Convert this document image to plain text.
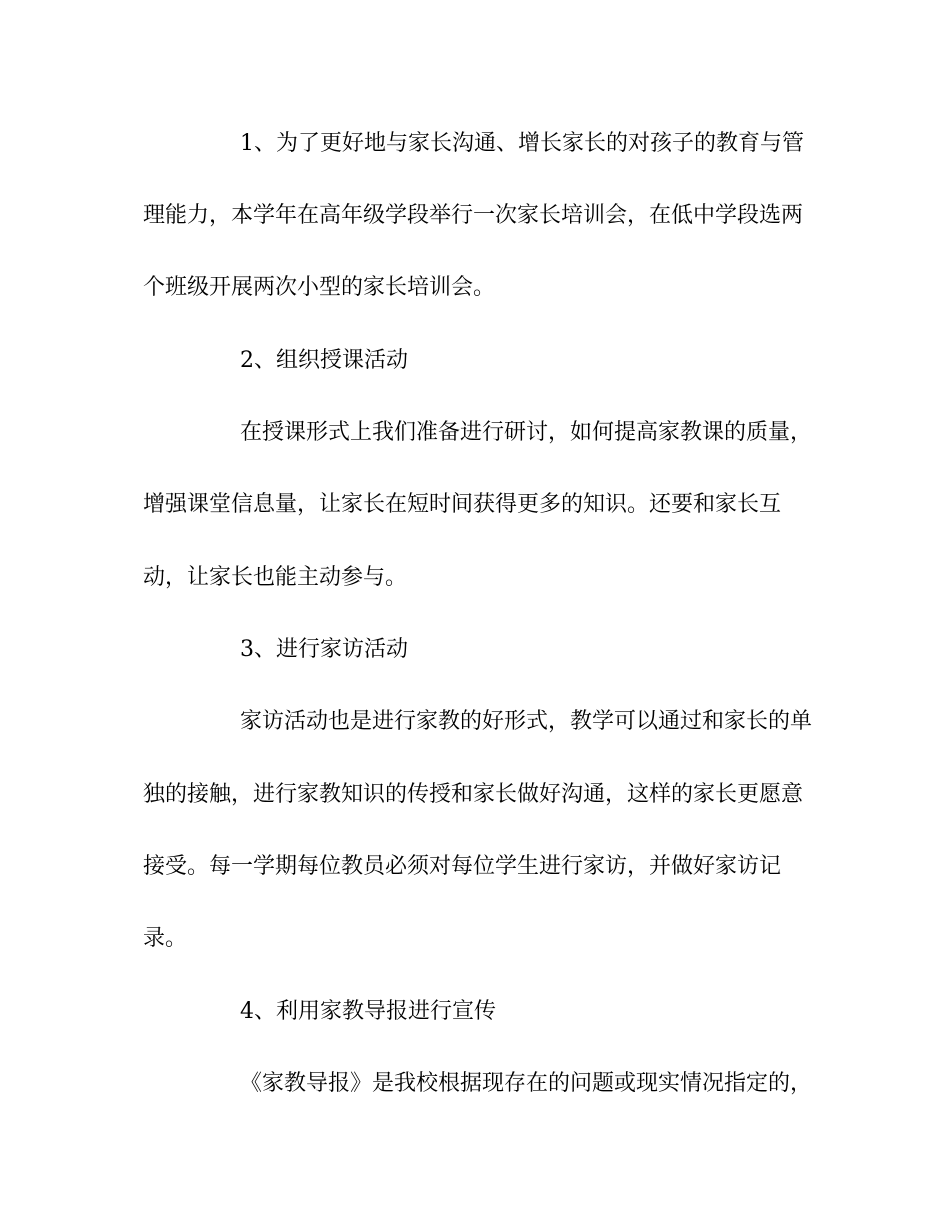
1、为了更好地与家长沟通、增长家长的对孩子的教育与管
理能力，本学年在高年级学段举行一次家长培训会，在低中学段选两
个班级开展两次小型的家长培训会。
2、组织授课活动
在授课形式上我们准备进行研讨，如何提高家教课的质量，
增强课堂信息量，让家长在短时间获得更多的知识。还要和家长互
动，让家长也能主动参与。
3、进行家访活动
家访活动也是进行家教的好形式，教学可以通过和家长的单
独的接触，进行家教知识的传授和家长做好沟通，这样的家长更愿意
接受。每一学期每位教员必须对每位学生进行家访，并做好家访记
录。
4、利用家教导报进行宣传
《家教导报》是我校根据现存在的问题或现实情况指定的，
